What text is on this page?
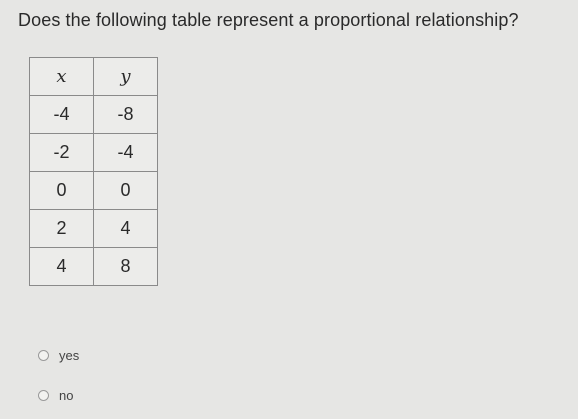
Does the following table represent a proportional relationship?
x	y
-4	-8
-2	-4
0	0
2	4
4	8
yes
no
